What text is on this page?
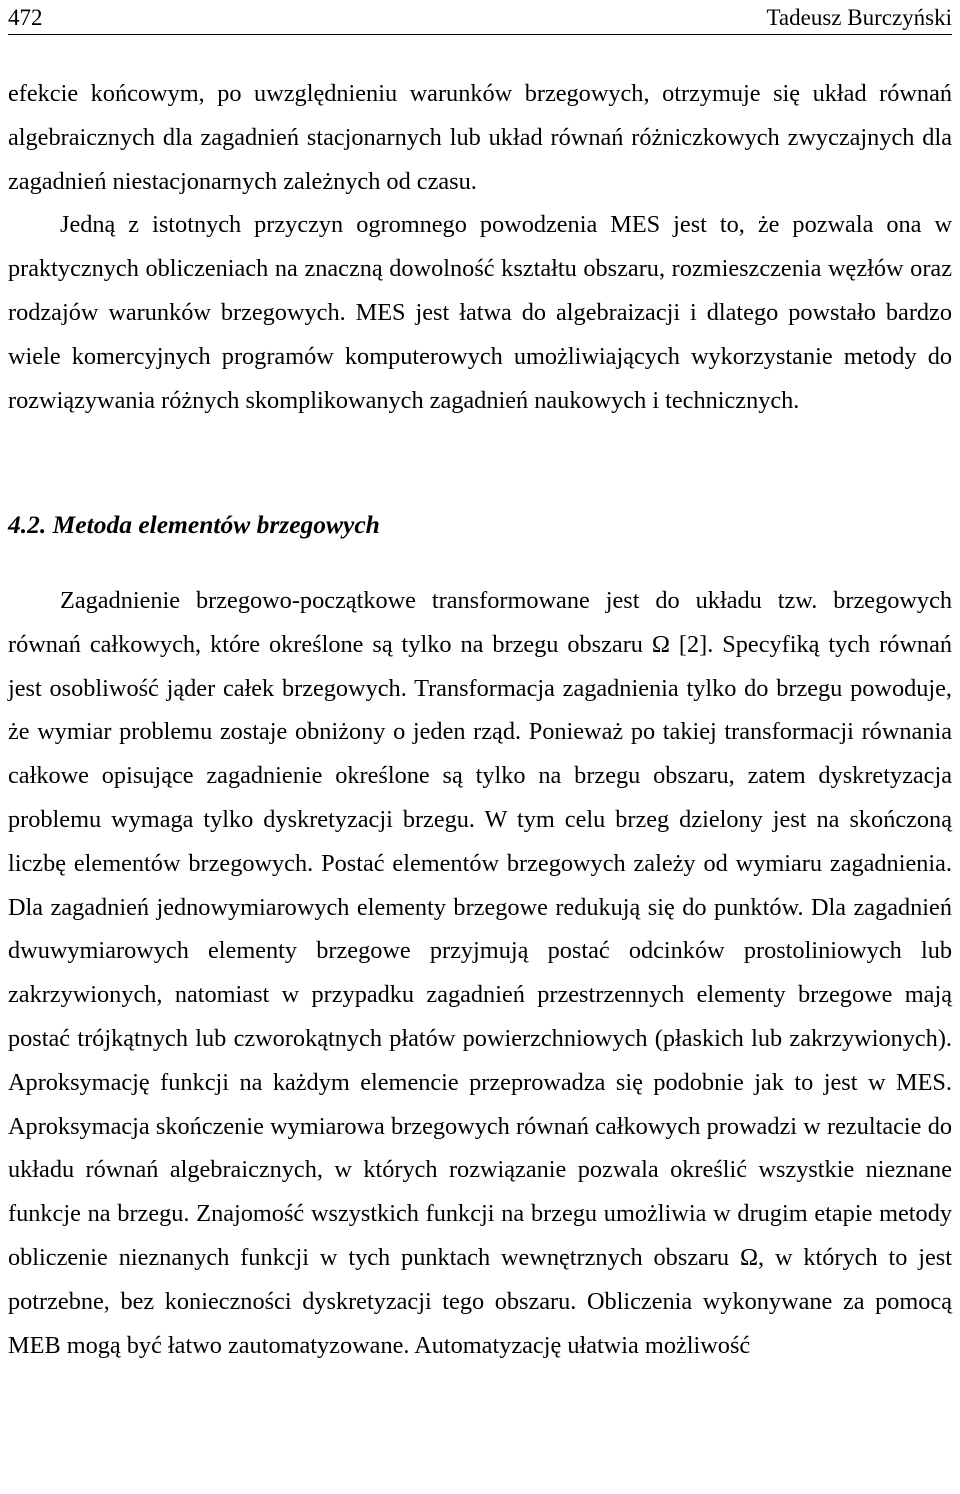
472	Tadeusz Burczyński

efekcie końcowym, po uwzględnieniu warunków brzegowych, otrzymuje się układ równań algebraicznych dla zagadnień stacjonarnych lub układ równań różniczkowych zwyczajnych dla zagadnień niestacjonarnych zależnych od czasu.

Jedną z istotnych przyczyn ogromnego powodzenia MES jest to, że pozwala ona w praktycznych obliczeniach na znaczną dowolność kształtu obszaru, rozmieszczenia węzłów oraz rodzajów warunków brzegowych. MES jest łatwa do algebraizacji i dlatego powstało bardzo wiele komercyjnych programów komputerowych umożliwiających wykorzystanie metody do rozwiązywania różnych skomplikowanych zagadnień naukowych i technicznych.

4.2. Metoda elementów brzegowych

Zagadnienie brzegowo-początkowe transformowane jest do układu tzw. brzegowych równań całkowych, które określone są tylko na brzegu obszaru Ω [2]. Specyfiką tych równań jest osobliwość jąder całek brzegowych. Transformacja zagadnienia tylko do brzegu powoduje, że wymiar problemu zostaje obniżony o jeden rząd. Ponieważ po takiej transformacji równania całkowe opisujące zagadnienie określone są tylko na brzegu obszaru, zatem dyskretyzacja problemu wymaga tylko dyskretyzacji brzegu. W tym celu brzeg dzielony jest na skończoną liczbę elementów brzegowych. Postać elementów brzegowych zależy od wymiaru zagadnienia. Dla zagadnień jednowymiarowych elementy brzegowe redukują się do punktów. Dla zagadnień dwuwymiarowych elementy brzegowe przyjmują postać odcinków prostoliniowych lub zakrzywionych, natomiast w przypadku zagadnień przestrzennych elementy brzegowe mają postać trójkątnych lub czworokątnych płatów powierzchniowych (płaskich lub zakrzywionych). Aproksymację funkcji na każdym elemencie przeprowadza się podobnie jak to jest w MES. Aproksymacja skończenie wymiarowa brzegowych równań całkowych prowadzi w rezultacie do układu równań algebraicznych, w których rozwiązanie pozwala określić wszystkie nieznane funkcje na brzegu. Znajomość wszystkich funkcji na brzegu umożliwia w drugim etapie metody obliczenie nieznanych funkcji w tych punktach wewnętrznych obszaru Ω, w których to jest potrzebne, bez konieczności dyskretyzacji tego obszaru. Obliczenia wykonywane za pomocą MEB mogą być łatwo zautomatyzowane. Automatyzację ułatwia możliwość
